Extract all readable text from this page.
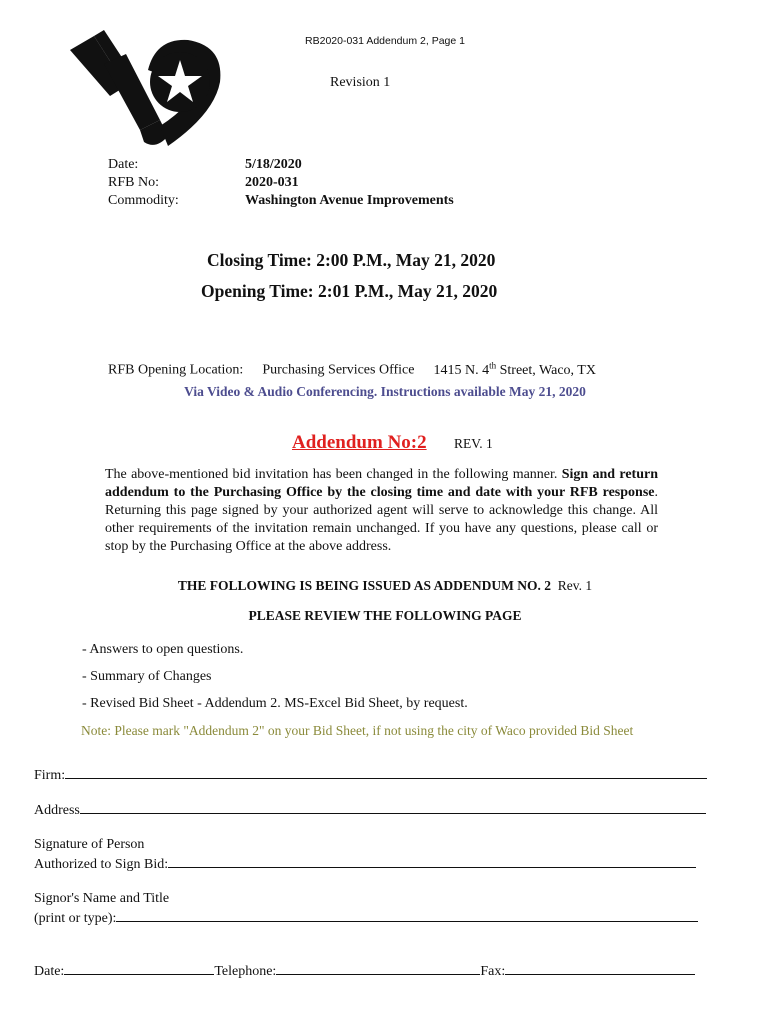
RB2020-031 Addendum 2, Page 1
Revision 1
Date:	5/18/2020
RFB No:	2020-031
Commodity:	Washington Avenue Improvements
Closing Time: 2:00 P.M., May 21, 2020
Opening Time: 2:01 P.M., May 21, 2020
RFB Opening Location: Purchasing Services Office 1415 N. 4th Street, Waco, TX
Via Video & Audio Conferencing. Instructions available May 21, 2020
Addendum No:2 REV. 1
The above-mentioned bid invitation has been changed in the following manner. Sign and return addendum to the Purchasing Office by the closing time and date with your RFB response. Returning this page signed by your authorized agent will serve to acknowledge this change. All other requirements of the invitation remain unchanged. If you have any questions, please call or stop by the Purchasing Office at the above address.
THE FOLLOWING IS BEING ISSUED AS ADDENDUM NO. 2 Rev. 1
PLEASE REVIEW THE FOLLOWING PAGE
- Answers to open questions.
- Summary of Changes
- Revised Bid Sheet - Addendum 2. MS-Excel Bid Sheet, by request.
Note: Please mark "Addendum 2" on your Bid Sheet, if not using the city of Waco provided Bid Sheet
Firm:
Address
Signature of Person
Authorized to Sign Bid:
Signor's Name and Title
(print or type):
Date:	Telephone:	Fax:
